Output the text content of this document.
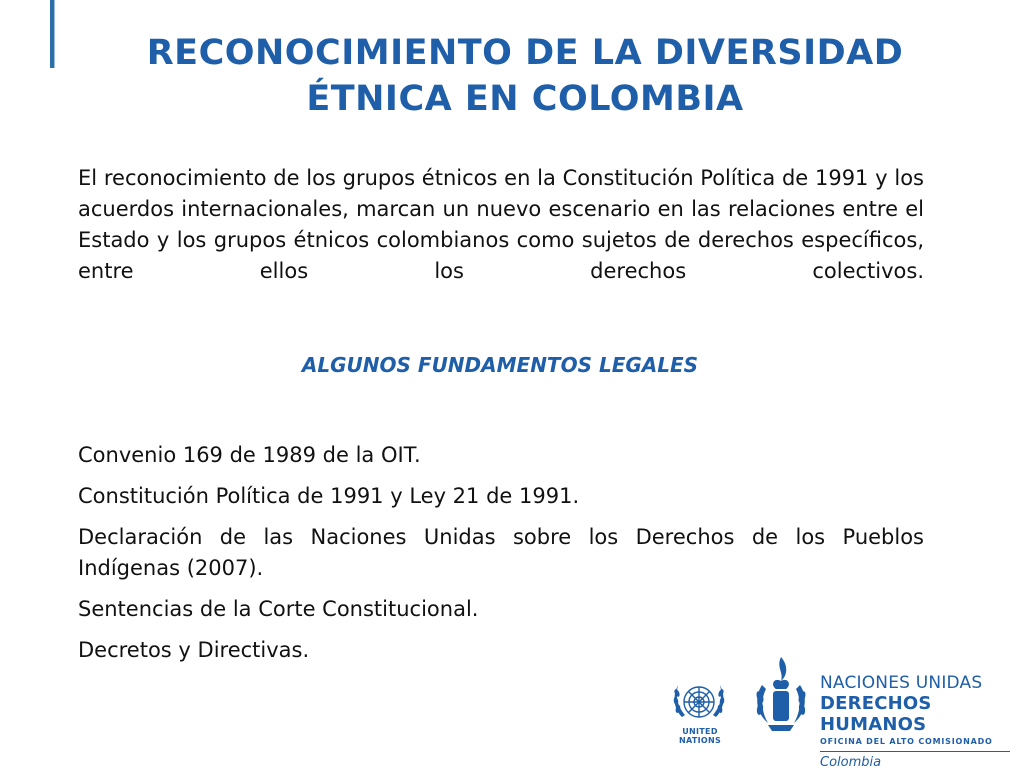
RECONOCIMIENTO DE LA DIVERSIDAD
ÉTNICA EN COLOMBIA

El reconocimiento de los grupos étnicos en la Constitución Política de 1991 y los acuerdos internacionales, marcan un nuevo escenario en las relaciones entre el Estado y los grupos étnicos colombianos como sujetos de derechos específicos, entre ellos los derechos colectivos.

ALGUNOS FUNDAMENTOS LEGALES
Convenio 169 de 1989 de la OIT.
Constitución Política de 1991 y Ley 21 de 1991.
Declaración de las Naciones Unidas sobre los Derechos de los Pueblos Indígenas (2007).
Sentencias de la Corte Constitucional.
Decretos y Directivas.
UNITED NATIONS
NACIONES UNIDAS
DERECHOS HUMANOS
OFICINA DEL ALTO COMISIONADO
Colombia
